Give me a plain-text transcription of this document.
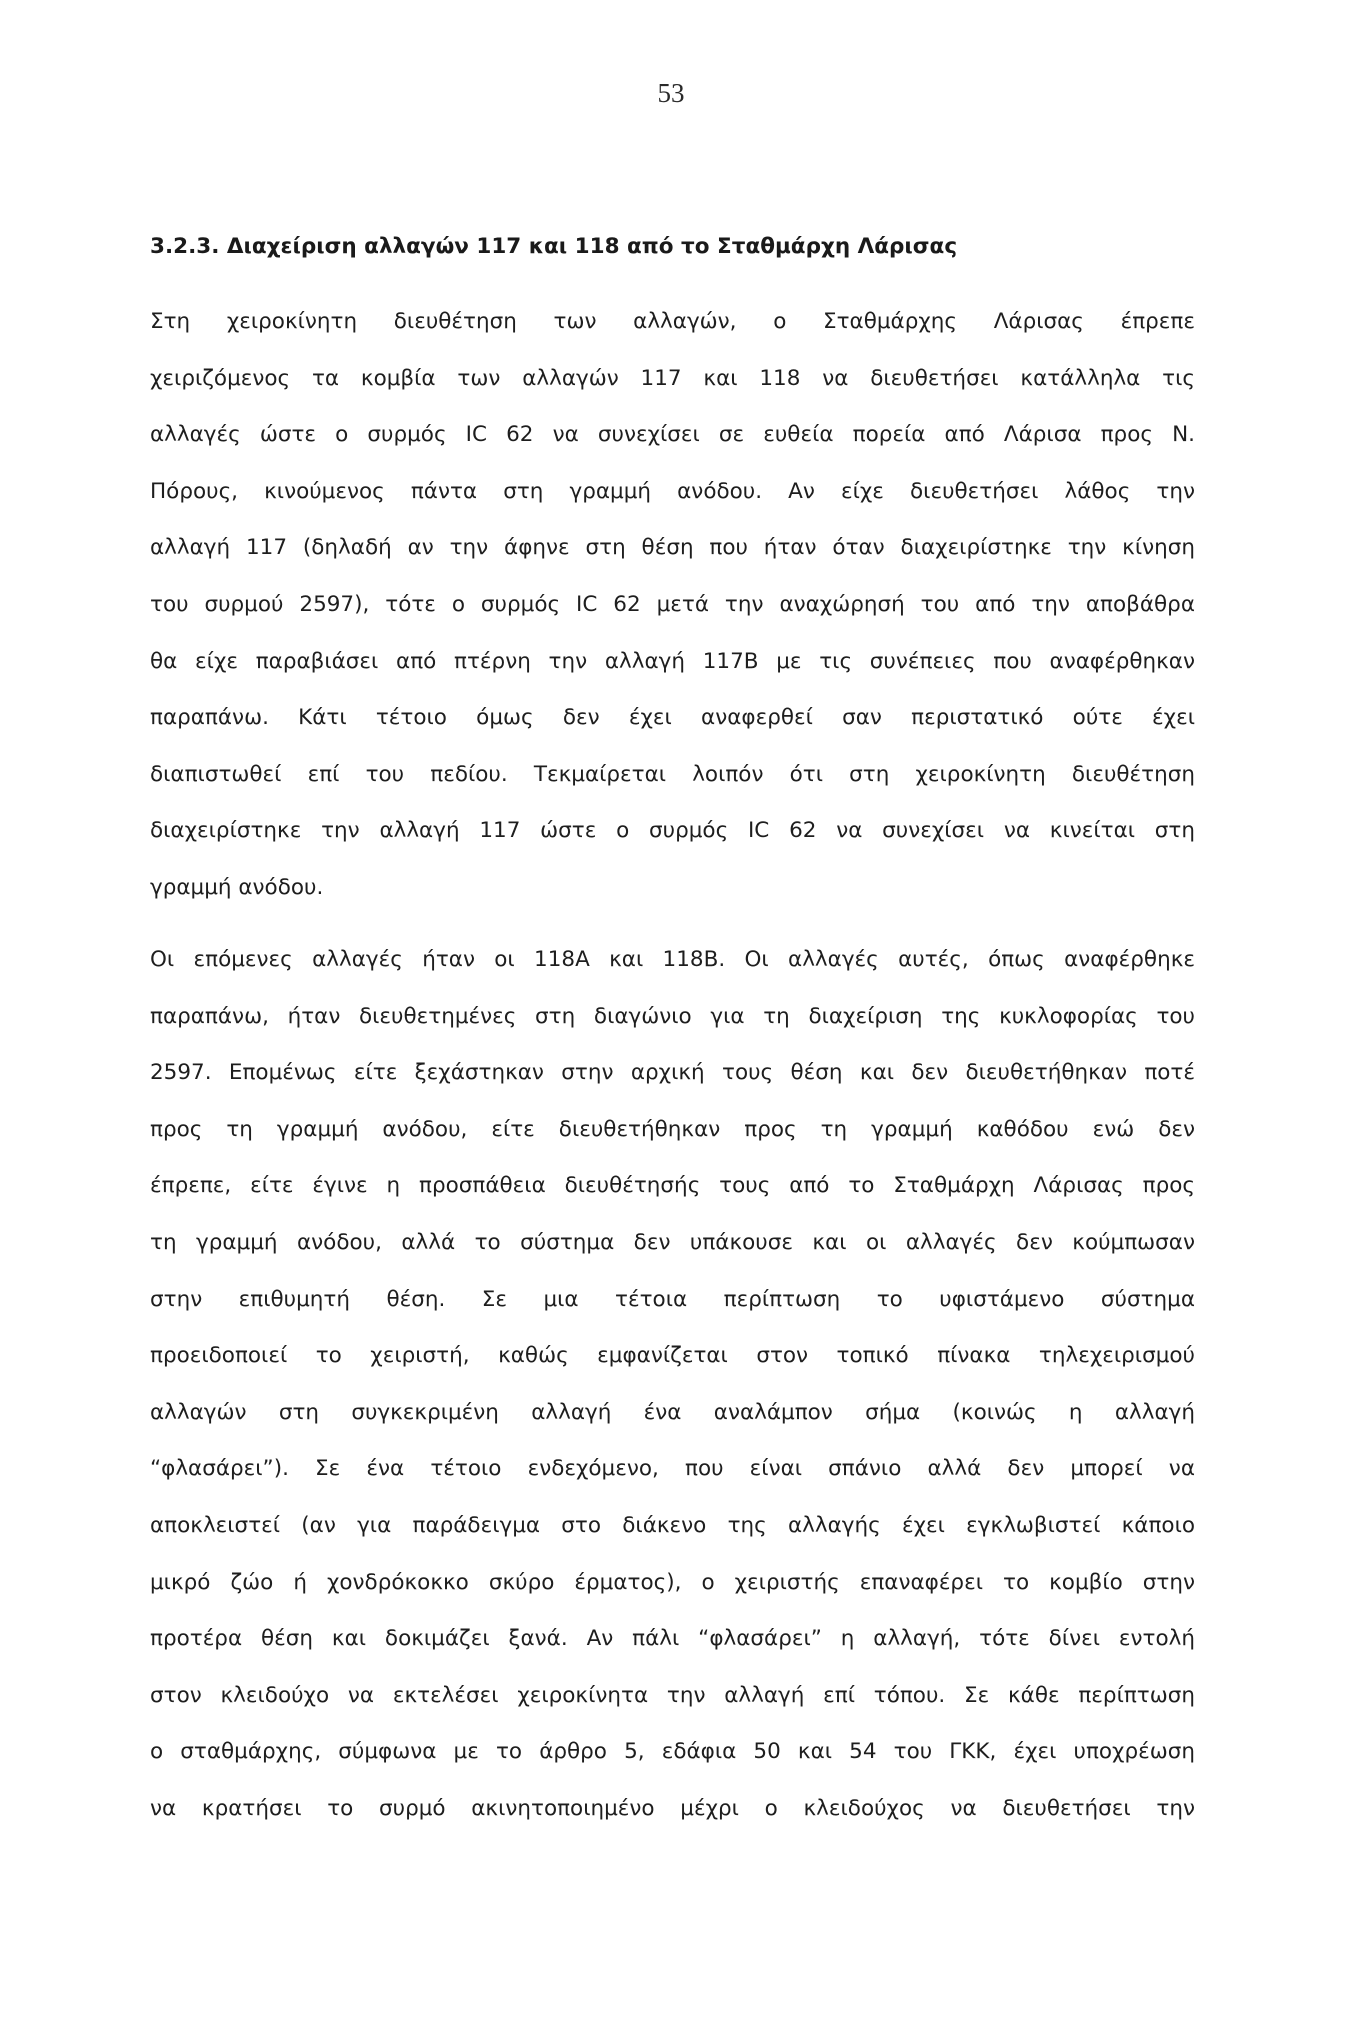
53
3.2.3. Διαχείριση αλλαγών 117 και 118 από το Σταθμάρχη Λάρισας

Στη χειροκίνητη διευθέτηση των αλλαγών, ο Σταθμάρχης Λάρισας έπρεπε
χειριζόμενος τα κομβία των αλλαγών 117 και 118 να διευθετήσει κατάλληλα τις
αλλαγές ώστε ο συρμός IC 62 να συνεχίσει σε ευθεία πορεία από Λάρισα προς Ν.
Πόρους, κινούμενος πάντα στη γραμμή ανόδου. Αν είχε διευθετήσει λάθος την
αλλαγή 117 (δηλαδή αν την άφηνε στη θέση που ήταν όταν διαχειρίστηκε την κίνηση
του συρμού 2597), τότε ο συρμός IC 62 μετά την αναχώρησή του από την αποβάθρα
θα είχε παραβιάσει από πτέρνη την αλλαγή 117Β με τις συνέπειες που αναφέρθηκαν
παραπάνω. Κάτι τέτοιο όμως δεν έχει αναφερθεί σαν περιστατικό ούτε έχει
διαπιστωθεί επί του πεδίου. Τεκμαίρεται λοιπόν ότι στη χειροκίνητη διευθέτηση
διαχειρίστηκε την αλλαγή 117 ώστε ο συρμός IC 62 να συνεχίσει να κινείται στη
γραμμή ανόδου.

Οι επόμενες αλλαγές ήταν οι 118Α και 118Β. Οι αλλαγές αυτές, όπως αναφέρθηκε
παραπάνω, ήταν διευθετημένες στη διαγώνιο για τη διαχείριση της κυκλοφορίας του
2597. Επομένως είτε ξεχάστηκαν στην αρχική τους θέση και δεν διευθετήθηκαν ποτέ
προς τη γραμμή ανόδου, είτε διευθετήθηκαν προς τη γραμμή καθόδου ενώ δεν
έπρεπε, είτε έγινε η προσπάθεια διευθέτησής τους από το Σταθμάρχη Λάρισας προς
τη γραμμή ανόδου, αλλά το σύστημα δεν υπάκουσε και οι αλλαγές δεν κούμπωσαν
στην επιθυμητή θέση. Σε μια τέτοια περίπτωση το υφιστάμενο σύστημα
προειδοποιεί το χειριστή, καθώς εμφανίζεται στον τοπικό πίνακα τηλεχειρισμού
αλλαγών στη συγκεκριμένη αλλαγή ένα αναλάμπον σήμα (κοινώς η αλλαγή
“φλασάρει”). Σε ένα τέτοιο ενδεχόμενο, που είναι σπάνιο αλλά δεν μπορεί να
αποκλειστεί (αν για παράδειγμα στο διάκενο της αλλαγής έχει εγκλωβιστεί κάποιο
μικρό ζώο ή χονδρόκοκκο σκύρο έρματος), ο χειριστής επαναφέρει το κομβίο στην
προτέρα θέση και δοκιμάζει ξανά. Αν πάλι “φλασάρει” η αλλαγή, τότε δίνει εντολή
στον κλειδούχο να εκτελέσει χειροκίνητα την αλλαγή επί τόπου. Σε κάθε περίπτωση
ο σταθμάρχης, σύμφωνα με το άρθρο 5, εδάφια 50 και 54 του ΓΚΚ, έχει υποχρέωση
να κρατήσει το συρμό ακινητοποιημένο μέχρι ο κλειδούχος να διευθετήσει την
